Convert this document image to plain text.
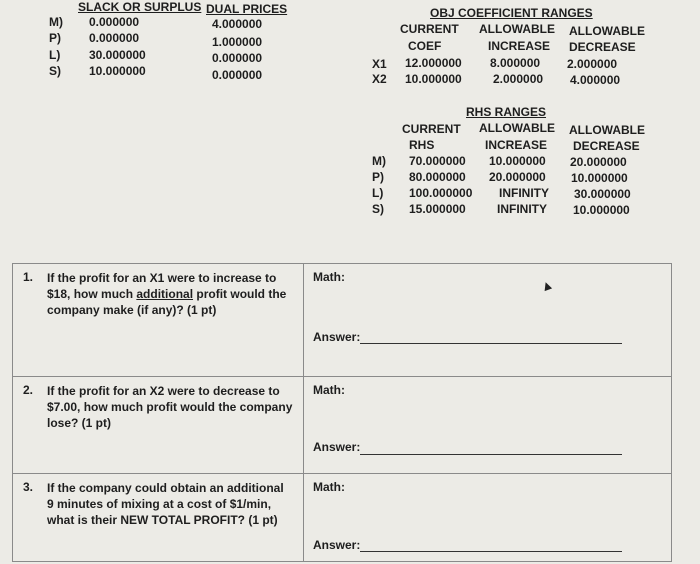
SLACK OR SURPLUS DUAL PRICES
M) 0.000000	4.000000
P) 0.000000	1.000000
L) 30.000000	0.000000
S) 10.000000	0.000000
OBJ COEFFICIENT RANGES
CURRENT
COEF
ALLOWABLE
INCREASE
ALLOWABLE
DECREASE
X1 12.000000 8.000000 2.000000
X2 10.000000	2.000000 4.000000
RHS RANGES
CURRENT
RHS
ALLOWABLE
INCREASE
ALLOWABLE
DECREASE
M) 70.000000 10.000000 20.000000
P) 80.000000 20.000000 10.000000
L) 100.000000 INFINITY 30.000000
S) 15.000000	INFINITY 10.000000
1. If the profit for an X1 were to increase to $18, how much additional profit would the company make (if any)? (1 pt)
Math:
Answer:
2. If the profit for an X2 were to decrease to $7.00, how much profit would the company lose? (1 pt)
Math:
Answer:
3. If the company could obtain an additional 9 minutes of mixing at a cost of $1/min, what is their NEW TOTAL PROFIT? (1 pt)
Math:
Answer:
